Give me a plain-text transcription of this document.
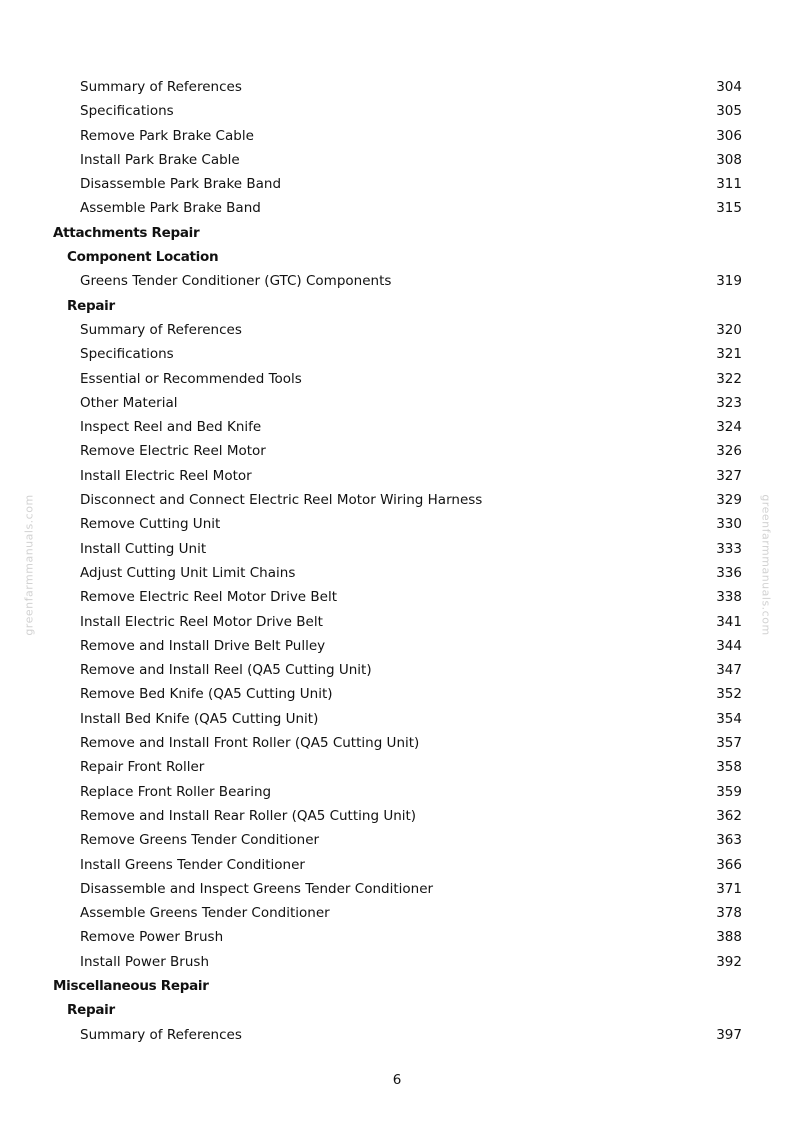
Summary of References	304
Specifications	305
Remove Park Brake Cable	306
Install Park Brake Cable	308
Disassemble Park Brake Band	311
Assemble Park Brake Band	315
Attachments Repair
Component Location
Greens Tender Conditioner (GTC) Components	319
Repair
Summary of References	320
Specifications	321
Essential or Recommended Tools	322
Other Material	323
Inspect Reel and Bed Knife	324
Remove Electric Reel Motor	326
Install Electric Reel Motor	327
Disconnect and Connect Electric Reel Motor Wiring Harness	329
Remove Cutting Unit	330
Install Cutting Unit	333
Adjust Cutting Unit Limit Chains	336
Remove Electric Reel Motor Drive Belt	338
Install Electric Reel Motor Drive Belt	341
Remove and Install Drive Belt Pulley	344
Remove and Install Reel (QA5 Cutting Unit)	347
Remove Bed Knife (QA5 Cutting Unit)	352
Install Bed Knife (QA5 Cutting Unit)	354
Remove and Install Front Roller (QA5 Cutting Unit)	357
Repair Front Roller	358
Replace Front Roller Bearing	359
Remove and Install Rear Roller (QA5 Cutting Unit)	362
Remove Greens Tender Conditioner	363
Install Greens Tender Conditioner	366
Disassemble and Inspect Greens Tender Conditioner	371
Assemble Greens Tender Conditioner	378
Remove Power Brush	388
Install Power Brush	392
Miscellaneous Repair
Repair
Summary of References	397
greenfarmmanuals.com	greenfarmmanuals.com
6
